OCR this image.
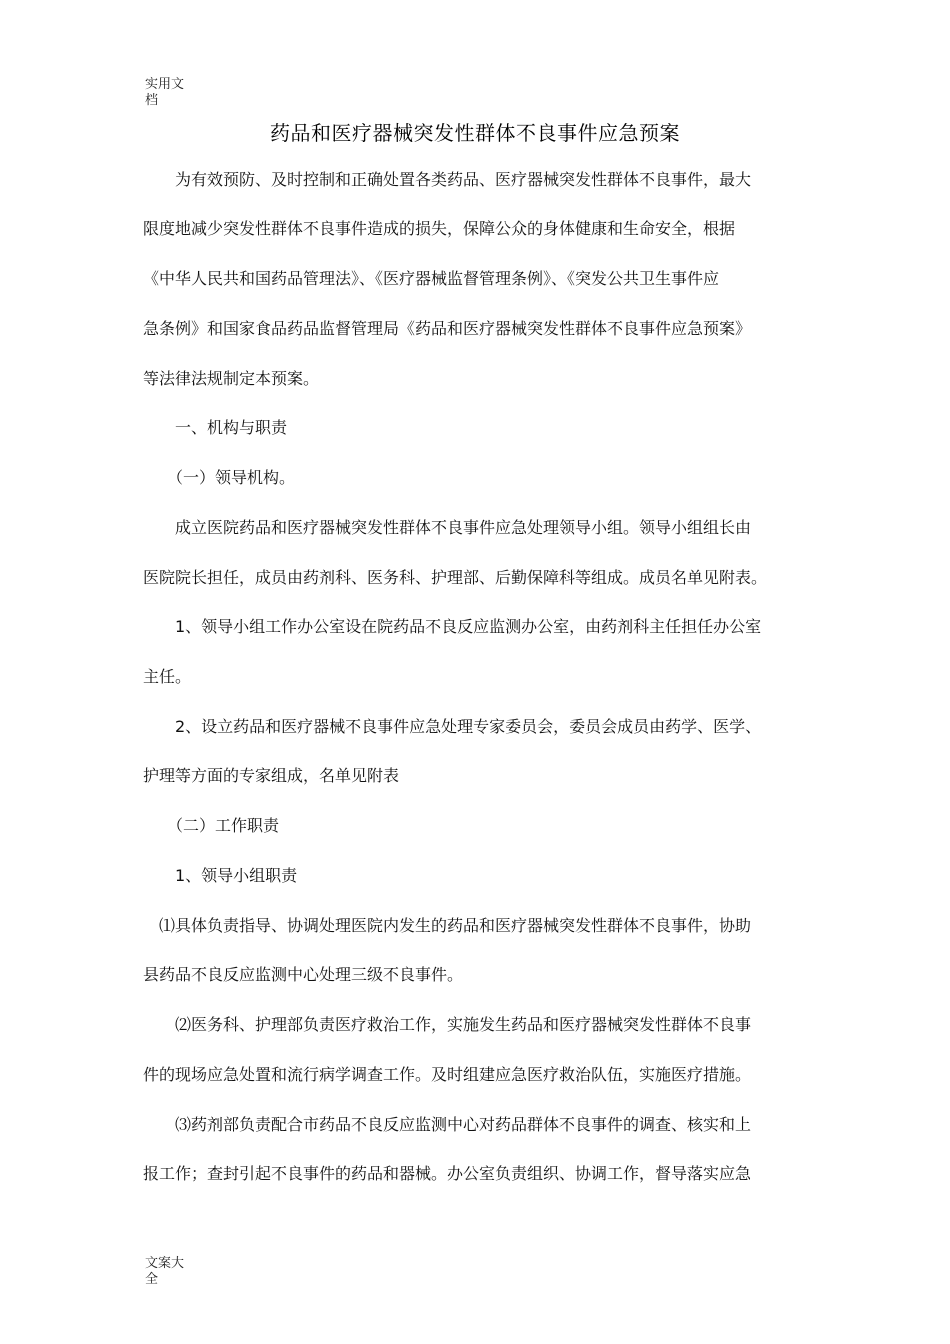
实用文档
药品和医疗器械突发性群体不良事件应急预案
　　为有效预防、及时控制和正确处置各类药品、医疗器械突发性群体不良事件，最大
限度地减少突发性群体不良事件造成的损失，保障公众的身体健康和生命安全，根据
《中华人民共和国药品管理法》、《医疗器械监督管理条例》、《突发公共卫生事件应
急条例》和国家食品药品监督管理局《药品和医疗器械突发性群体不良事件应急预案》
等法律法规制定本预案。
　　一、机构与职责
　　（一）领导机构。
　　成立医院药品和医疗器械突发性群体不良事件应急处理领导小组。领导小组组长由
医院院长担任，成员由药剂科、医务科、护理部、后勤保障科等组成。成员名单见附表。
　　1、领导小组工作办公室设在院药品不良反应监测办公室，由药剂科主任担任办公室
主任。
　　2、设立药品和医疗器械不良事件应急处理专家委员会，委员会成员由药学、医学、
护理等方面的专家组成，名单见附表
　　（二）工作职责
　　1、领导小组职责
　⑴具体负责指导、协调处理医院内发生的药品和医疗器械突发性群体不良事件，协助
县药品不良反应监测中心处理三级不良事件。
　　⑵医务科、护理部负责医疗救治工作，实施发生药品和医疗器械突发性群体不良事
件的现场应急处置和流行病学调查工作。及时组建应急医疗救治队伍，实施医疗措施。
　　⑶药剂部负责配合市药品不良反应监测中心对药品群体不良事件的调查、核实和上
报工作；查封引起不良事件的药品和器械。办公室负责组织、协调工作，督导落实应急
文案大全
